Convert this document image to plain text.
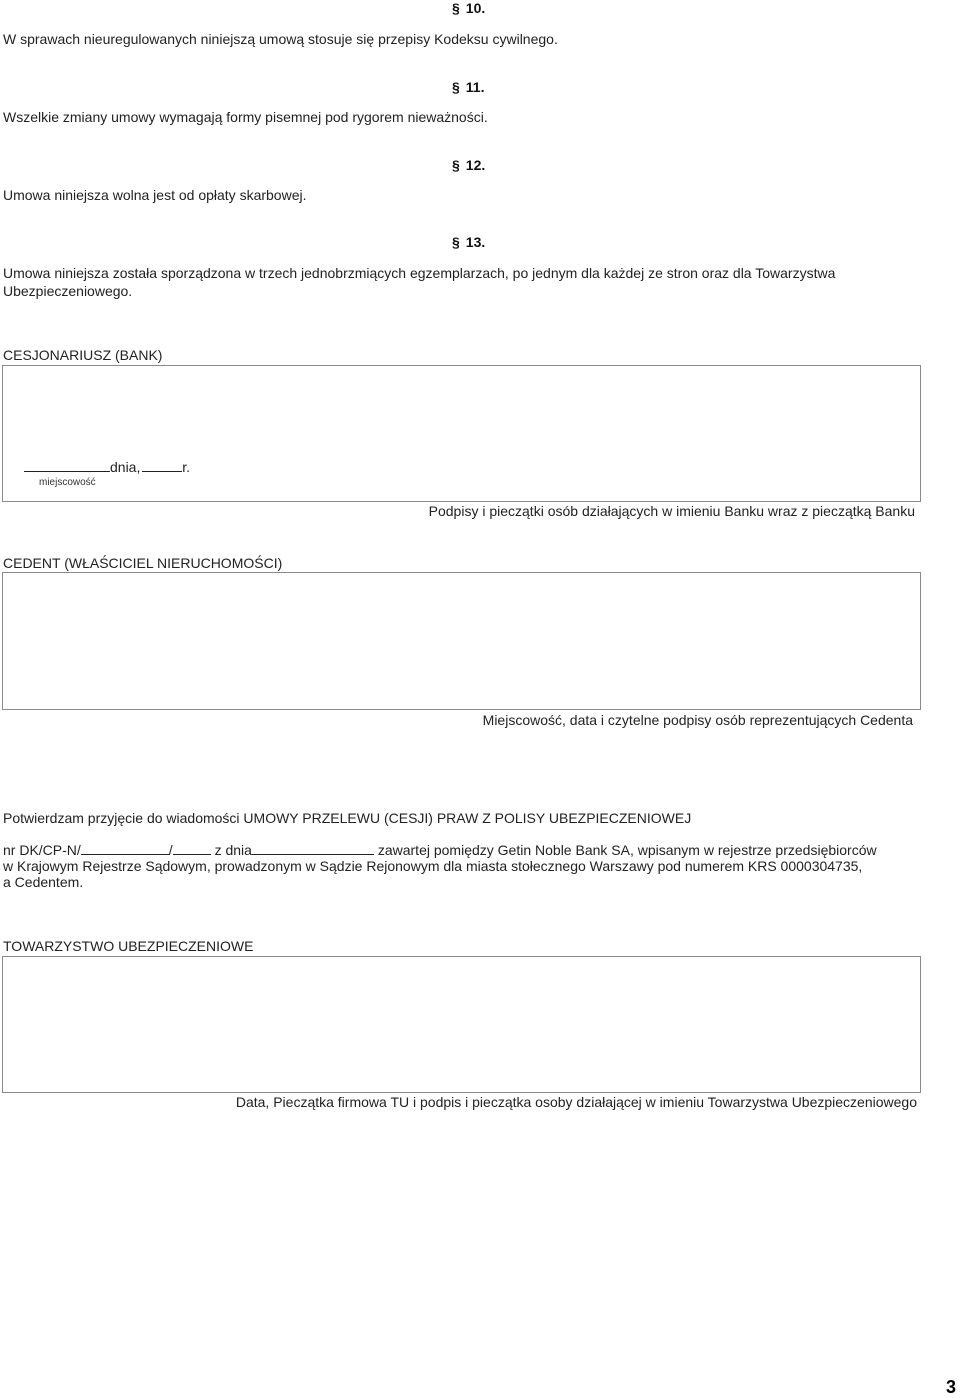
§ 10.
W sprawach nieuregulowanych niniejszą umową stosuje się przepisy Kodeksu cywilnego.
§ 11.
Wszelkie zmiany umowy wymagają formy pisemnej pod rygorem nieważności.
§ 12.
Umowa niniejsza wolna jest od opłaty skarbowej.
§ 13.
Umowa niniejsza została sporządzona w trzech jednobrzmiących egzemplarzach, po jednym dla każdej ze stron oraz dla Towarzystwa
Ubezpieczeniowego.
CESJONARIUSZ (BANK)
dnia,	r.
miejscowość
Podpisy i pieczątki osób działających w imieniu Banku wraz z pieczątką Banku
CEDENT (WŁAŚCICIEL NIERUCHOMOŚCI)
Miejscowość, data i czytelne podpisy osób reprezentujących Cedenta
Potwierdzam przyjęcie do wiadomości UMOWY PRZELEWU (CESJI) PRAW Z POLISY UBEZPIECZENIOWEJ
nr DK/CP-N/	/	z dnia	zawartej pomiędzy Getin Noble Bank SA, wpisanym w rejestrze przedsiębiorców
w Krajowym Rejestrze Sądowym, prowadzonym w Sądzie Rejonowym dla miasta stołecznego Warszawy pod numerem KRS 0000304735,
a Cedentem.
TOWARZYSTWO UBEZPIECZENIOWE
Data, Pieczątka firmowa TU i podpis i pieczątka osoby działającej w imieniu Towarzystwa Ubezpieczeniowego
3
